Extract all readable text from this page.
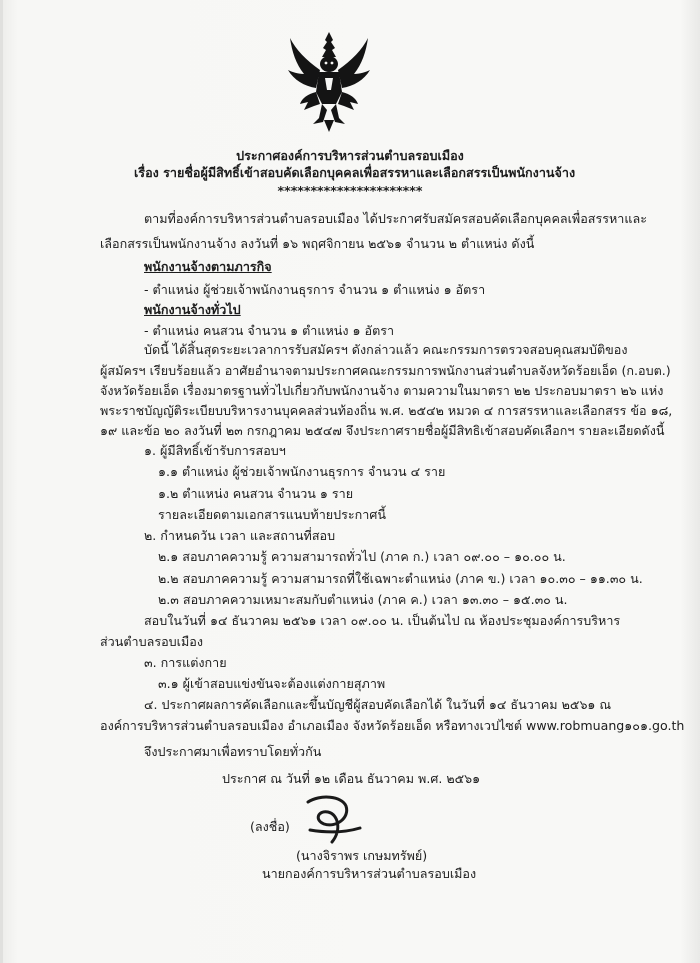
ประกาศองค์การบริหารส่วนตำบลรอบเมือง
เรื่อง รายชื่อผู้มีสิทธิ์เข้าสอบคัดเลือกบุคคลเพื่อสรรหาและเลือกสรรเป็นพนักงานจ้าง
**********************
ตามที่องค์การบริหารส่วนตำบลรอบเมือง ได้ประกาศรับสมัครสอบคัดเลือกบุคคลเพื่อสรรหาและ
เลือกสรรเป็นพนักงานจ้าง ลงวันที่ ๑๖ พฤศจิกายน ๒๕๖๑ จำนวน ๒ ตำแหน่ง ดังนี้
พนักงานจ้างตามภารกิจ
- ตำแหน่ง ผู้ช่วยเจ้าพนักงานธุรการ จำนวน ๑ ตำแหน่ง ๑ อัตรา
พนักงานจ้างทั่วไป
- ตำแหน่ง คนสวน จำนวน ๑ ตำแหน่ง ๑ อัตรา
บัดนี้ ได้สิ้นสุดระยะเวลาการรับสมัครฯ ดังกล่าวแล้ว คณะกรรมการตรวจสอบคุณสมบัติของ
ผู้สมัครฯ เรียบร้อยแล้ว อาศัยอำนาจตามประกาศคณะกรรมการพนักงานส่วนตำบลจังหวัดร้อยเอ็ด (ก.อบต.)
จังหวัดร้อยเอ็ด เรื่องมาตรฐานทั่วไปเกี่ยวกับพนักงานจ้าง ตามความในมาตรา ๒๒ ประกอบมาตรา ๒๖ แห่ง
พระราชบัญญัติระเบียบบริหารงานบุคคลส่วนท้องถิ่น พ.ศ. ๒๕๔๒ หมวด ๔ การสรรหาและเลือกสรร ข้อ ๑๘,
๑๙ และข้อ ๒๐ ลงวันที่ ๒๓ กรกฎาคม ๒๕๔๗ จึงประกาศรายชื่อผู้มีสิทธิเข้าสอบคัดเลือกฯ รายละเอียดดังนี้
๑. ผู้มีสิทธิ์เข้ารับการสอบฯ
๑.๑ ตำแหน่ง ผู้ช่วยเจ้าพนักงานธุรการ จำนวน ๔ ราย
๑.๒ ตำแหน่ง คนสวน จำนวน ๑ ราย
รายละเอียดตามเอกสารแนบท้ายประกาศนี้
๒. กำหนดวัน เวลา และสถานที่สอบ
๒.๑ สอบภาคความรู้ ความสามารถทั่วไป (ภาค ก.) เวลา ๐๙.๐๐ – ๑๐.๐๐ น.
๒.๒ สอบภาคความรู้ ความสามารถที่ใช้เฉพาะตำแหน่ง (ภาค ข.) เวลา ๑๐.๓๐ – ๑๑.๓๐ น.
๒.๓ สอบภาคความเหมาะสมกับตำแหน่ง (ภาค ค.) เวลา ๑๓.๓๐ – ๑๕.๓๐ น.
สอบในวันที่ ๑๔ ธันวาคม ๒๕๖๑ เวลา ๐๙.๐๐ น. เป็นต้นไป ณ ห้องประชุมองค์การบริหาร
ส่วนตำบลรอบเมือง
๓. การแต่งกาย
๓.๑ ผู้เข้าสอบแข่งขันจะต้องแต่งกายสุภาพ
๔. ประกาศผลการคัดเลือกและขึ้นบัญชีผู้สอบคัดเลือกได้ ในวันที่ ๑๔ ธันวาคม ๒๕๖๑ ณ
องค์การบริหารส่วนตำบลรอบเมือง อำเภอเมือง จังหวัดร้อยเอ็ด หรือทางเวปไซต์ www.robmuang๑๐๑.go.th
จึงประกาศมาเพื่อทราบโดยทั่วกัน
ประกาศ ณ วันที่ ๑๒ เดือน ธันวาคม พ.ศ. ๒๕๖๑
(ลงชื่อ)
(นางจิราพร เกษมทรัพย์)
นายกองค์การบริหารส่วนตำบลรอบเมือง
